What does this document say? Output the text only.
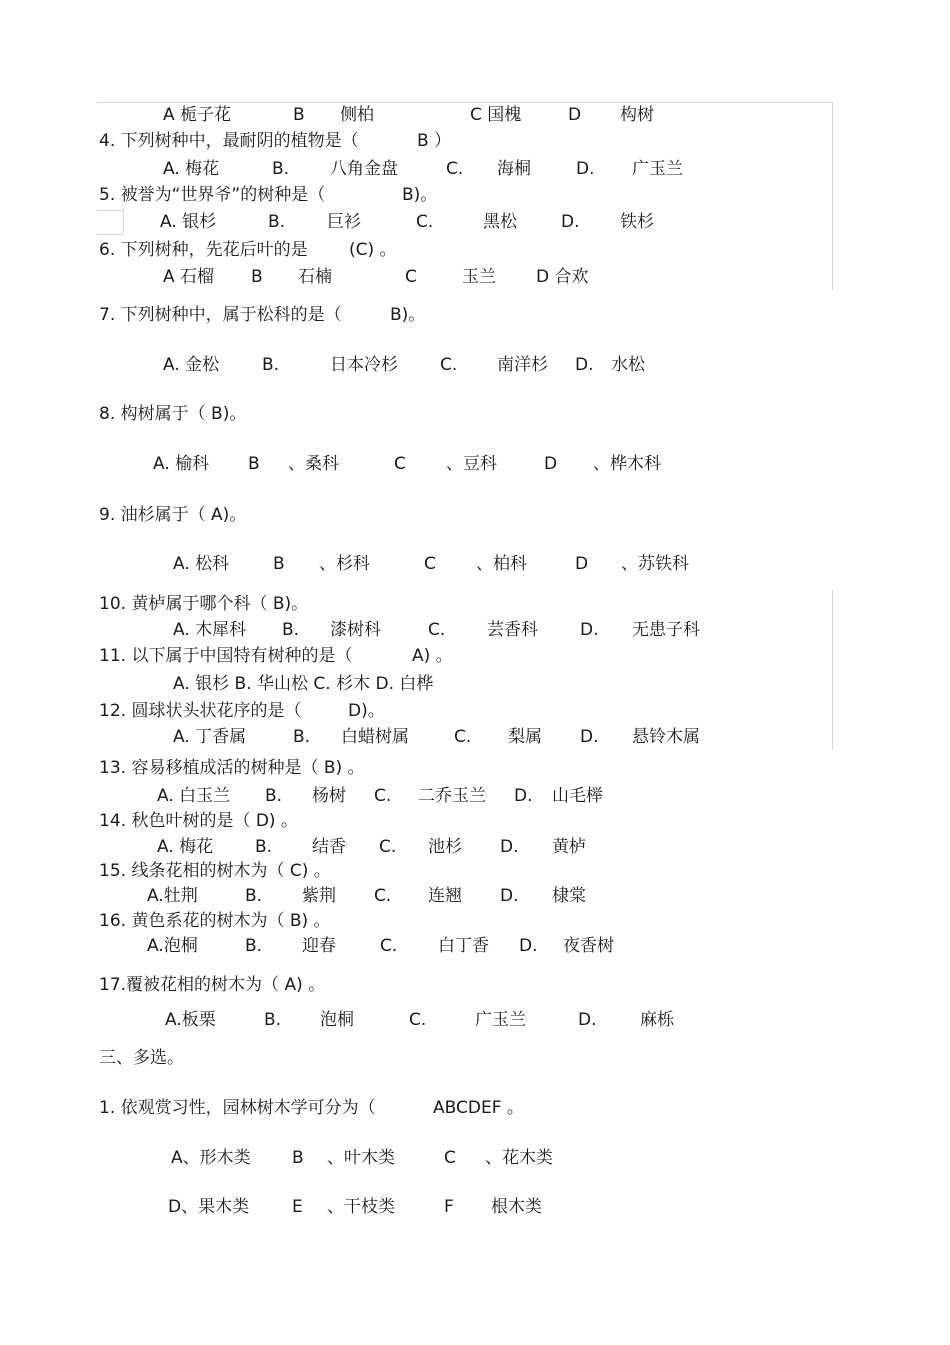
A 栀子花	B 侧柏	C 国槐	D 构树
4. 下列树种中，最耐阴的植物是（	B ）
A. 梅花	B. 八角金盘	C. 海桐	D. 广玉兰
5. 被誉为“世界爷”的树种是（	B)。
A. 银杉	B. 巨衫	C.	黑松	D. 铁杉
6. 下列树种，先花后叶的是 (C) 。
A 石榴 B 石楠	C	玉兰 D 合欢
7. 下列树种中，属于松科的是（	B)。
A. 金松	B.	日本冷杉 C. 南洋杉 D. 水松
8. 构树属于（ B)。
A. 榆科 B 、桑科	C 、豆科	D 、桦木科
9. 油杉属于（ A)。
A. 松科	B 、杉科	C 、柏科	D 、苏铁科
10. 黄栌属于哪个科（ B)。
A. 木犀科 B. 漆树科	C. 芸香科 D. 无患子科
11. 以下属于中国特有树种的是（	A) 。
A. 银杉 B. 华山松 C. 杉木 D. 白桦
12. 圆球状头状花序的是（	D)。
A. 丁香属	B. 白蜡树属	C. 梨属 D. 悬铃木属
13. 容易移植成活的树种是（ B) 。
A. 白玉兰 B. 杨树 C. 二乔玉兰 D. 山毛榉
14. 秋色叶树的是（ D) 。
A. 梅花 B. 结香 C. 池杉 D. 黄栌
15. 线条花相的树木为（ C) 。
A.牡荆	B. 紫荆 C. 连翘 D. 棣棠
16. 黄色系花的树木为（ B) 。
A.泡桐	B. 迎春	C. 白丁香 D. 夜香树
17.覆被花相的树木为（ A) 。
A.板栗	B. 泡桐	C.	广玉兰	D.	麻栎
三、多选。
1. 依观赏习性，园林树木学可分为（	ABCDEF 。
A、形木类 B 、叶木类	C 、花木类
D、果木类	E 、干枝类	F 根木类
